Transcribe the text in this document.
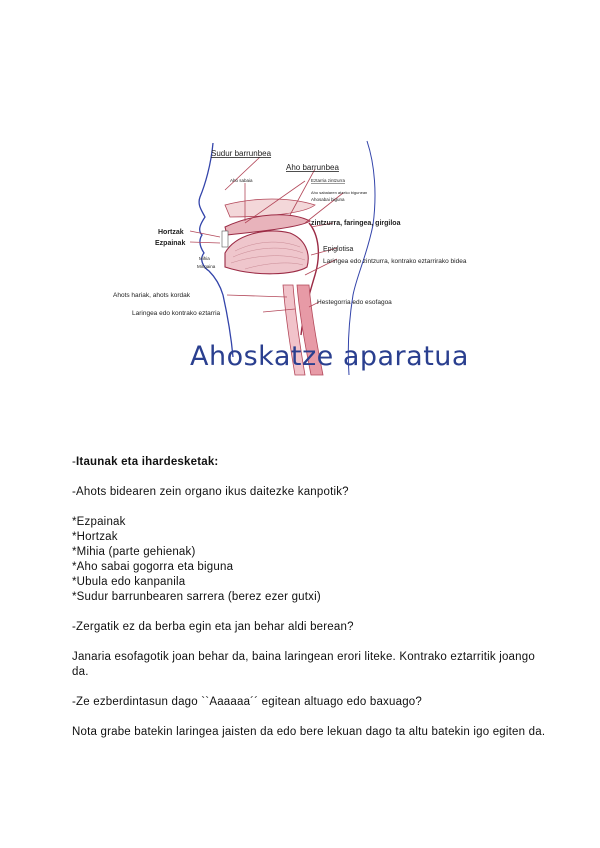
Sudur barrunbea
Aho barrunbea
Aho sabaia	Eztarria zintzurra
Aho sabaiaren atzeko bigunean
Ahosabai biguna
zintzurra, faringea, girgiloa
Hortzak
Ezpainak
Mihia
Mingaina
Epiglotisa
Laringea edo zintzurra, kontrako eztarrirako bidea
Ahots hariak, ahots kordak
Hestegorria edo esofagoa
Laringea edo kontrako eztarria
Ahoskatze aparatua

-Itaunak eta ihardesketak:

-Ahots bidearen zein organo ikus daitezke kanpotik?

*Ezpainak

*Hortzak

*Mihia (parte gehienak)

*Aho sabai gogorra eta biguna

*Ubula edo kanpanila

*Sudur barrunbearen sarrera (berez ezer gutxi)

-Zergatik ez da berba egin eta jan behar aldi berean?

Janaria esofagotik joan behar da, baina laringean erori liteke. Kontrako eztarritik joango da.

-Ze ezberdintasun dago ``Aaaaaa´´ egitean altuago edo baxuago?

Nota grabe batekin laringea jaisten da edo bere lekuan dago ta altu batekin igo egiten da.
